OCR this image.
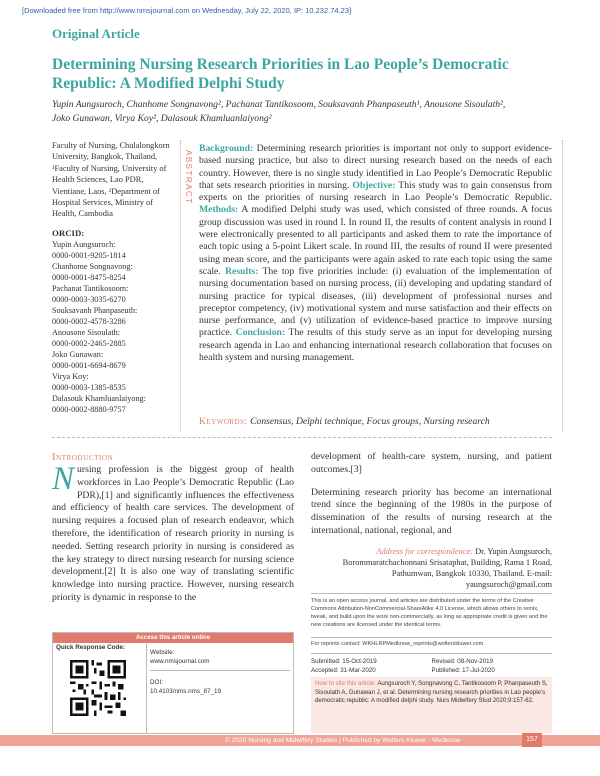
[Downloaded free from http://www.nmsjournal.com on Wednesday, July 22, 2020, IP: 10.232.74.23]
Original Article
Determining Nursing Research Priorities in Lao People’s Democratic Republic: A Modified Delphi Study
Yupin Aungsuroch, Chanhome Songnavong², Pachanat Tantikosoom, Souksavanh Phanpaseuth¹, Anousone Sisoulath²,
Joko Gunawan, Virya Koy², Dalasouk Khamluanlaiyong²
Faculty of Nursing, Chulalongkorn University, Bangkok, Thailand, ¹Faculty of Nursing, University of Health Sciences, Lao PDR, Vientiane, Laos, ²Department of Hospital Services, Ministry of Health, Cambodia
ORCID:
Yupin Aungsuroch:
0000-0001-9205-1814
Chanhome Songnavong:
0000-0001-8475-8254
Pachanat Tantikosoom:
0000-0003-3035-6270
Souksavanh Phanpaseuth:
0000-0002-4578-3286
Anousone Sisoulath:
0000-0002-2465-2885
Joko Gunawan:
0000-0001-6694-8679
Virya Koy:
0000-0003-1385-8535
Dalasouk Khamluanlaiyong:
0000-0002-8880-9757
ABSTRACT
Background: Determining research priorities is important not only to support evidence-based nursing practice, but also to direct nursing research based on the needs of each country. However, there is no single study identified in Lao People’s Democratic Republic that sets research priorities in nursing. Objective: This study was to gain consensus from experts on the priorities of nursing research in Lao People’s Democratic Republic. Methods: A modified Delphi study was used, which consisted of three rounds. A focus group discussion was used in round I. In round II, the results of content analysis in round I were electronically presented to all participants and asked them to rate the importance of each topic using a 5-point Likert scale. In round III, the results of round II were presented using mean score, and the participants were again asked to rate each topic using the same scale. Results: The top five priorities include: (i) evaluation of the implementation of nursing documentation based on nursing process, (ii) developing and updating standard of nursing practice for typical diseases, (iii) development of professional nurses and preceptor competency, (iv) motivational system and nurse satisfaction and their effects on nurse performance, and (v) utilization of evidence-based practice to improve nursing practice. Conclusion: The results of this study serve as an input for developing nursing research agenda in Lao and enhancing international research collaboration that focuses on health system and nursing management.
Keywords: Consensus, Delphi technique, Focus groups, Nursing research
Introduction
Nursing profession is the biggest group of health workforces in Lao People’s Democratic Republic (Lao PDR),[1] and significantly influences the effectiveness and efficiency of health care services. The development of nursing requires a focused plan of research endeavor, which therefore, the identification of research priority in nursing is needed. Setting research priority in nursing is considered as the key strategy to direct nursing research for nursing science development.[2] It is also one way of translating scientific knowledge into nursing practice. However, nursing research priority is dynamic in response to the

development of health-care system, nursing, and patient outcomes.[3]

Determining research priority has become an international trend since the beginning of the 1980s in the purpose of dissemination of the results of nursing research at the international, national, regional, and

Address for correspondence: Dr. Yupin Aungsuroch, Borommaratchachonnani Srisataphat, Building, Rama 1 Road, Pathumwan, Bangkok 10330, Thailand. E-mail: yaungsuroch@gmail.com
This is an open access journal, and articles are distributed under the terms of the Creative Commons Attribution-NonCommercial-ShareAlike 4.0 License, which allows others to remix, tweak, and build upon the work non-commercially, as long as appropriate credit is given and the new creations are licensed under the identical terms.
For reprints contact: WKHLRPMedknow_reprints@wolterskluwer.com
Submitted: 15-Oct-2019	Revised: 08-Nov-2019
Accepted: 31-Mar-2020	Published: 17-Jul-2020
How to cite this article: Aungsuroch Y, Songnavong C, Tantikosoom P, Phanpaseuth S, Sisoulath A, Gunawan J, et al. Determining nursing research priorities in Lao people’s democratic republic: A modified delphi study. Nurs Midwifery Stud 2020;9:157-62.
Access this article online
Quick Response Code:
Website:
www.nmsjournal.com
DOI:
10.4103/nms.nms_87_19
© 2020 Nursing and Midwifery Studies | Published by Wolters Kluwer - Medknow	157
